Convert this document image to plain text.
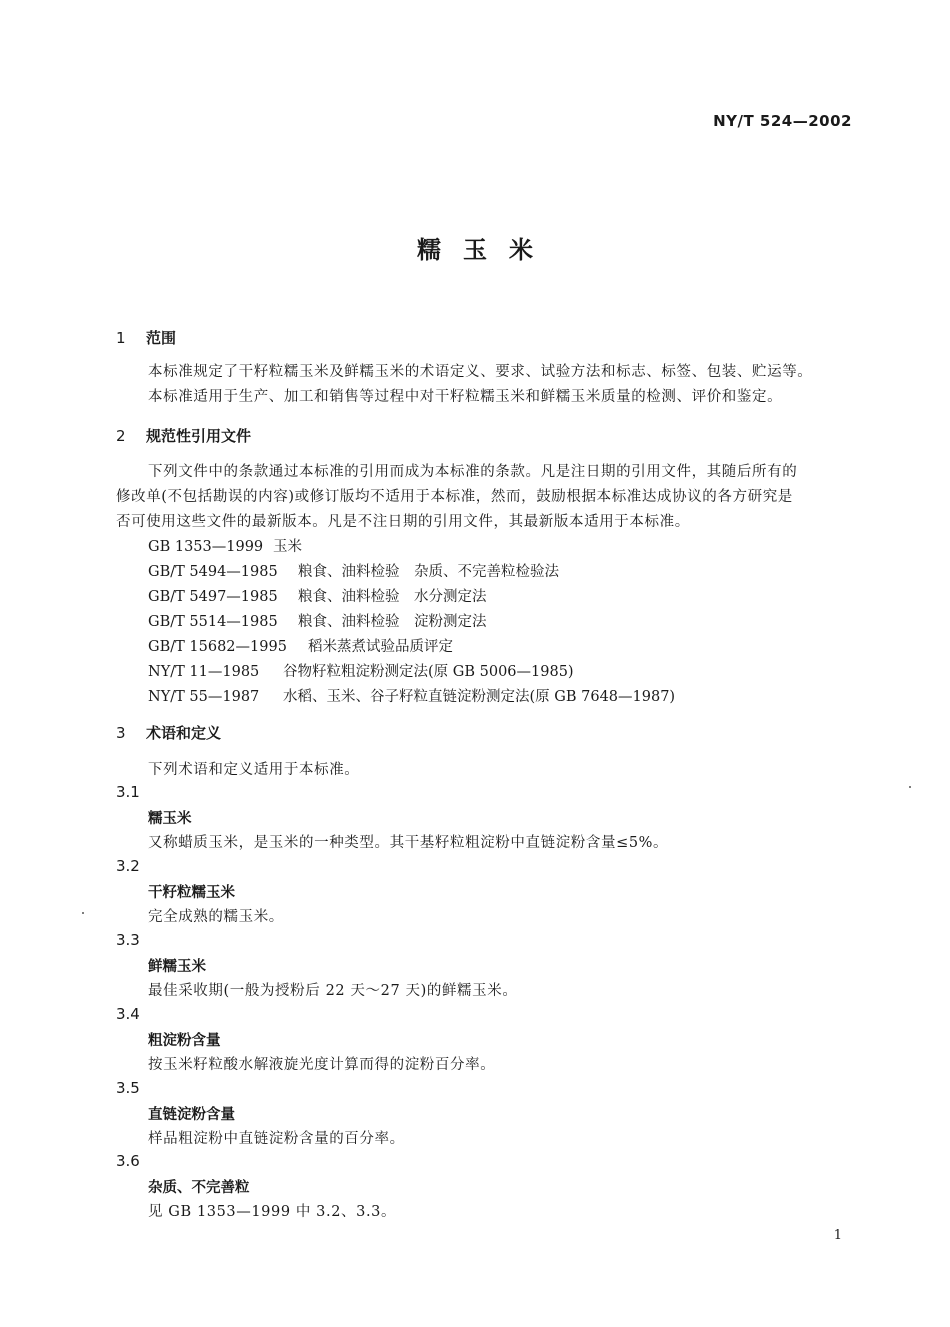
NY/T 524—2002
糯玉米
1 范围
本标准规定了干籽粒糯玉米及鲜糯玉米的术语定义、要求、试验方法和标志、标签、包装、贮运等。
本标准适用于生产、加工和销售等过程中对干籽粒糯玉米和鲜糯玉米质量的检测、评价和鉴定。
2 规范性引用文件
下列文件中的条款通过本标准的引用而成为本标准的条款。凡是注日期的引用文件，其随后所有的
修改单(不包括勘误的内容)或修订版均不适用于本标准，然而，鼓励根据本标准达成协议的各方研究是
否可使用这些文件的最新版本。凡是不注日期的引用文件，其最新版本适用于本标准。
GB 1353—1999 玉米
GB/T 5494—1985 粮食、油料检验　杂质、不完善粒检验法
GB/T 5497—1985 粮食、油料检验　水分测定法
GB/T 5514—1985 粮食、油料检验　淀粉测定法
GB/T 15682—1995 稻米蒸煮试验品质评定
NY/T 11—1985 谷物籽粒粗淀粉测定法(原 GB 5006—1985)
NY/T 55—1987 水稻、玉米、谷子籽粒直链淀粉测定法(原 GB 7648—1987)
3 术语和定义
下列术语和定义适用于本标准。
3.1
糯玉米
又称蜡质玉米，是玉米的一种类型。其干基籽粒粗淀粉中直链淀粉含量≤5%。
3.2
干籽粒糯玉米
完全成熟的糯玉米。
3.3
鲜糯玉米
最佳采收期(一般为授粉后 22 天～27 天)的鲜糯玉米。
3.4
粗淀粉含量
按玉米籽粒酸水解液旋光度计算而得的淀粉百分率。
3.5
直链淀粉含量
样品粗淀粉中直链淀粉含量的百分率。
3.6
杂质、不完善粒
见 GB 1353—1999 中 3.2、3.3。
1
